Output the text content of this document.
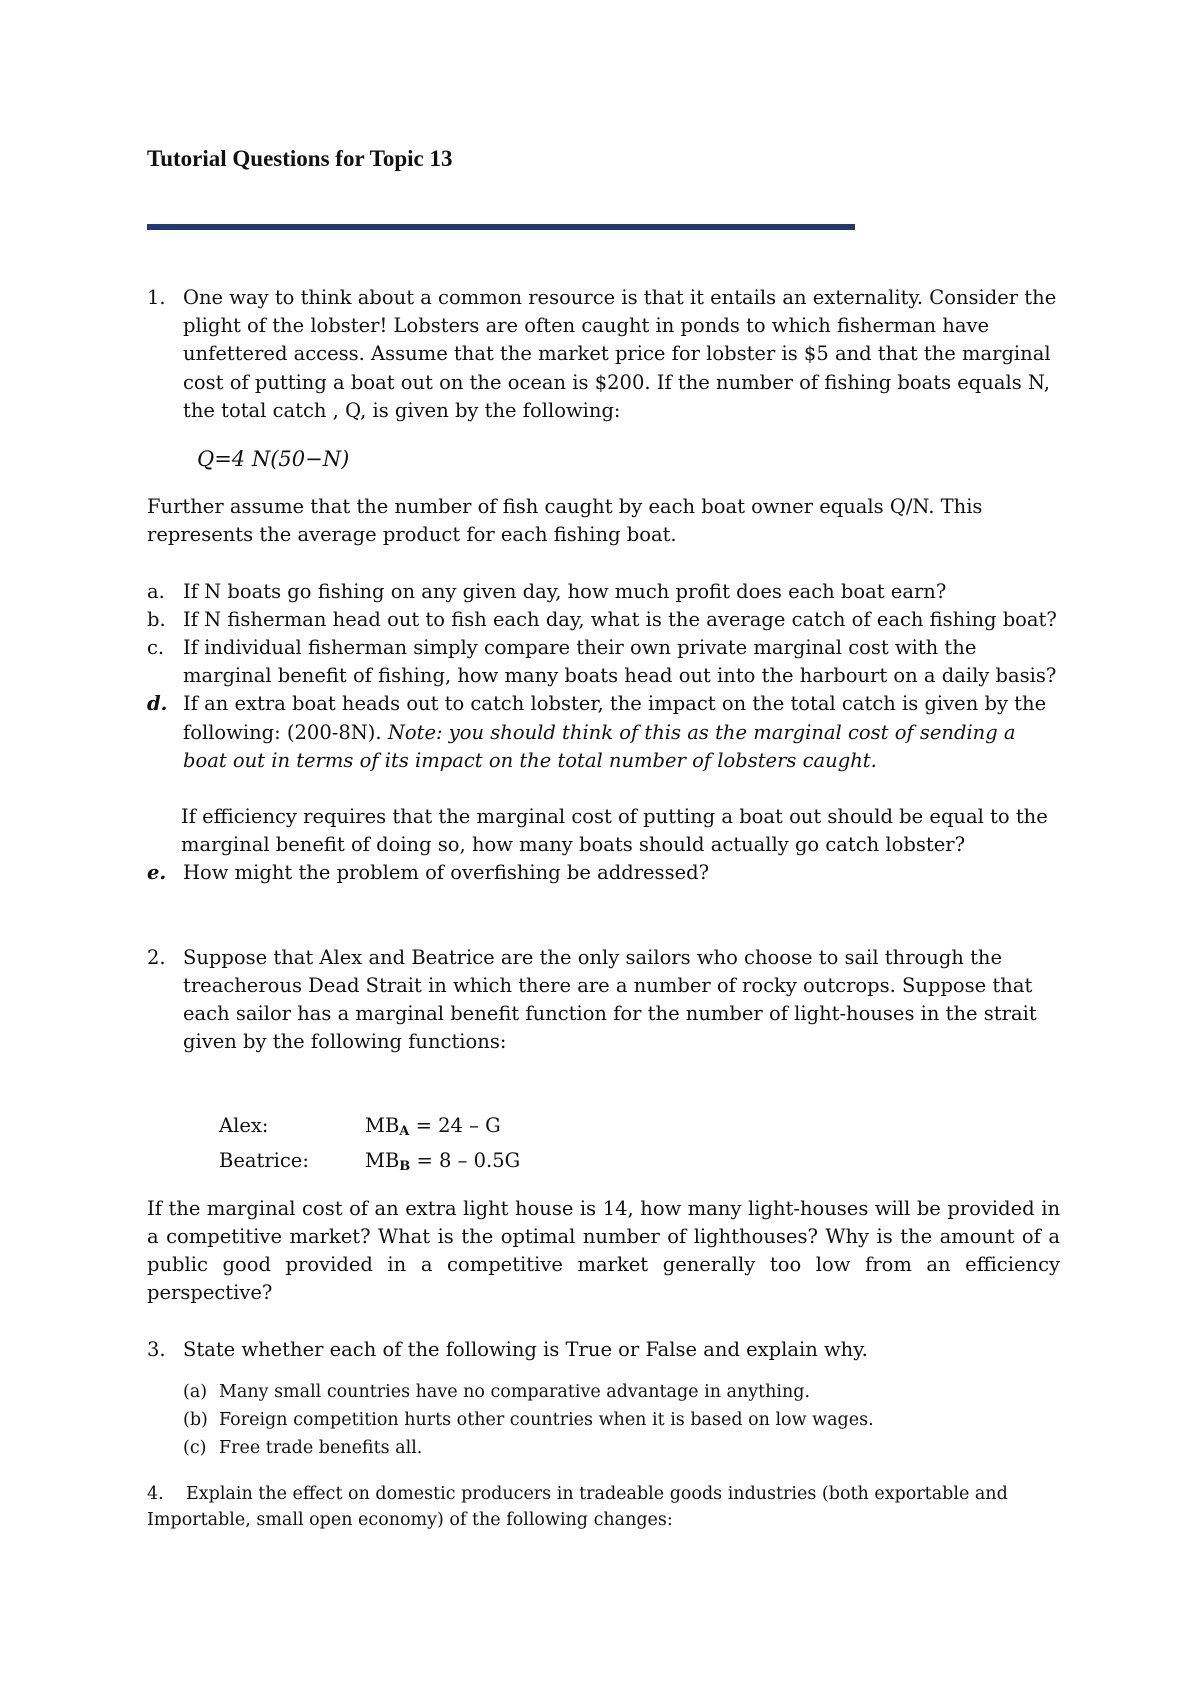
Tutorial Questions for Topic 13
1. One way to think about a common resource is that it entails an externality. Consider the plight of the lobster! Lobsters are often caught in ponds to which fisherman have unfettered access. Assume that the market price for lobster is $5 and that the marginal cost of putting a boat out on the ocean is $200. If the number of fishing boats equals N, the total catch , Q, is given by the following:
Q=4 N(50−N)

Further assume that the number of fish caught by each boat owner equals Q/N. This represents the average product for each fishing boat.

a. If N boats go fishing on any given day, how much profit does each boat earn?
b. If N fisherman head out to fish each day, what is the average catch of each fishing boat?
c. If individual fisherman simply compare their own private marginal cost with the marginal benefit of fishing, how many boats head out into the harbourt on a daily basis?
d. If an extra boat heads out to catch lobster, the impact on the total catch is given by the following: (200-8N). Note: you should think of this as the marginal cost of sending a boat out in terms of its impact on the total number of lobsters caught.
If efficiency requires that the marginal cost of putting a boat out should be equal to the marginal benefit of doing so, how many boats should actually go catch lobster?
e. How might the problem of overfishing be addressed?
2. Suppose that Alex and Beatrice are the only sailors who choose to sail through the treacherous Dead Strait in which there are a number of rocky outcrops. Suppose that each sailor has a marginal benefit function for the number of light-houses in the strait given by the following functions:
Alex:	$MB_A = 24 - G$
Beatrice:	$MB_B = 8 - 0.5G$

If the marginal cost of an extra light house is 14, how many light-houses will be provided in a competitive market? What is the optimal number of lighthouses? Why is the amount of a public good provided in a competitive market generally too low from an efficiency perspective?

3. State whether each of the following is True or False and explain why.
(a) Many small countries have no comparative advantage in anything.
(b) Foreign competition hurts other countries when it is based on low wages.
(c) Free trade benefits all.

4. Explain the effect on domestic producers in tradeable goods industries (both exportable and Importable, small open economy) of the following changes:
